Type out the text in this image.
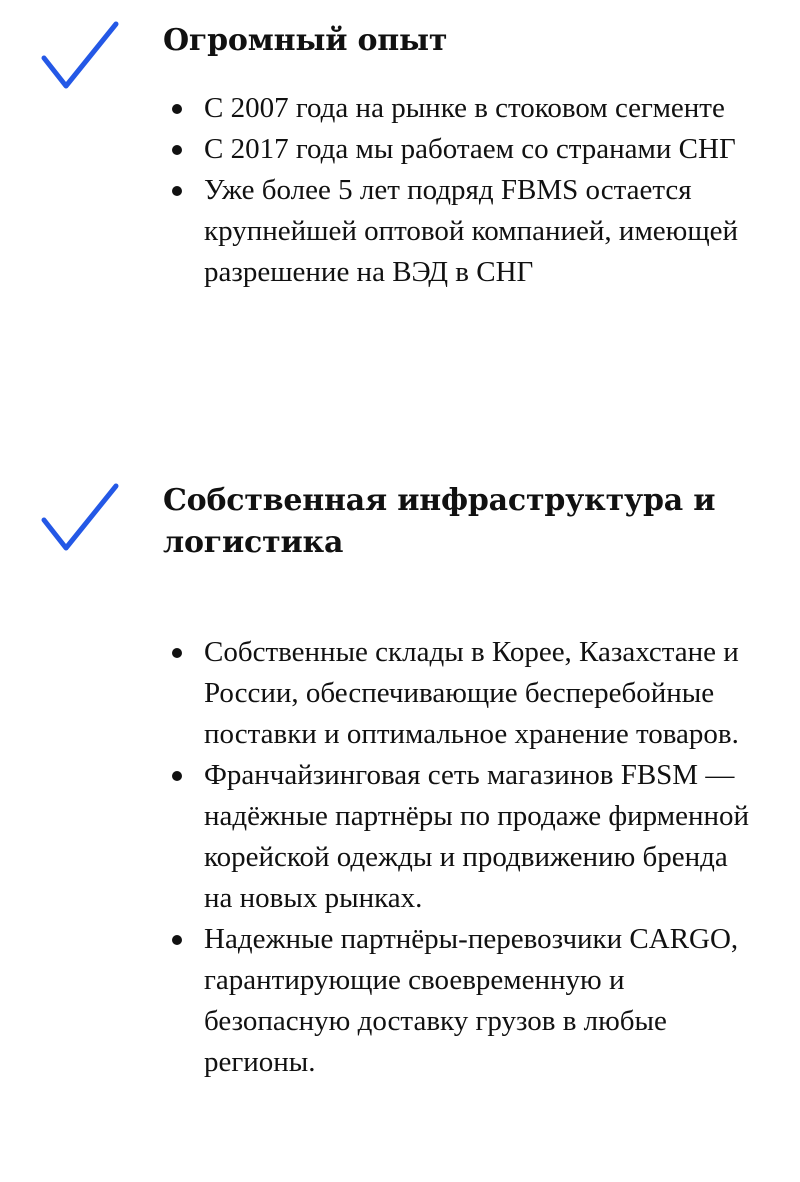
Огромный опыт
С 2007 года на рынке в стоковом сегменте
С 2017 года мы работаем со странами СНГ
Уже более 5 лет подряд FBMS остается крупнейшей оптовой компанией, имеющей разрешение на ВЭД в СНГ
Собственная инфраструктура и логистика
Собственные склады в Корее, Казахстане и России, обеспечивающие бесперебойные поставки и оптимальное хранение товаров.
Франчайзинговая сеть магазинов FBSM — надёжные партнёры по продаже фирменной корейской одежды и продвижению бренда на новых рынках.
Надежные партнёры-перевозчики CARGO, гарантирующие своевременную и безопасную доставку грузов в любые регионы.
